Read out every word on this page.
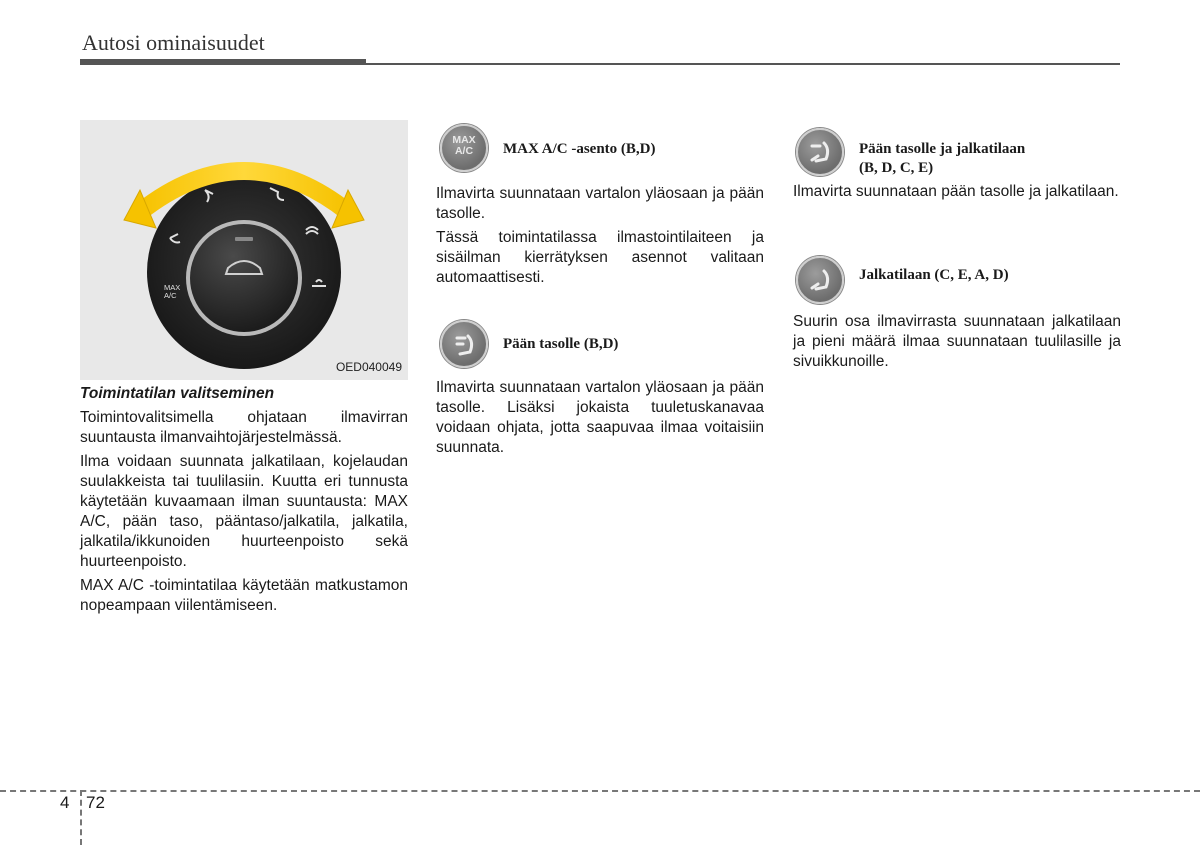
Autosi ominaisuudet
MAX
A/C
OED040049

Toimintatilan valitseminen

Toimintovalitsimella ohjataan ilmavirran suuntausta ilmanvaihtojärjestelmässä.

Ilma voidaan suunnata jalkatilaan, kojelaudan suulakkeista tai tuulilasiin. Kuutta eri tunnusta käytetään kuvaamaan ilman suuntausta: MAX A/C, pään taso, pääntaso/jalkatila, jalkatila, jalkatila/ikkunoiden huurteenpoisto sekä huurteenpoisto.

MAX A/C -toimintatilaa käytetään matkustamon nopeampaan viilentämiseen.

MAX
A/C	MAX A/C -asento (B,D)

Ilmavirta suunnataan vartalon yläosaan ja pään tasolle.

Tässä toimintatilassa ilmastointilaiteen ja sisäilman kierrätyksen asennot valitaan automaattisesti.

Pään tasolle (B,D)

Ilmavirta suunnataan vartalon yläosaan ja pään tasolle. Lisäksi jokaista tuuletuskanavaa voidaan ohjata, jotta saapuvaa ilmaa voitaisiin suunnata.

Pään tasolle ja jalkatilaan
(B, D, C, E)

Ilmavirta suunnataan pään tasolle ja jalkatilaan.

Jalkatilaan (C, E, A, D)

Suurin osa ilmavirrasta suunnataan jalkatilaan ja pieni määrä ilmaa suunnataan tuulilasille ja sivuikkunoille.

4 72
